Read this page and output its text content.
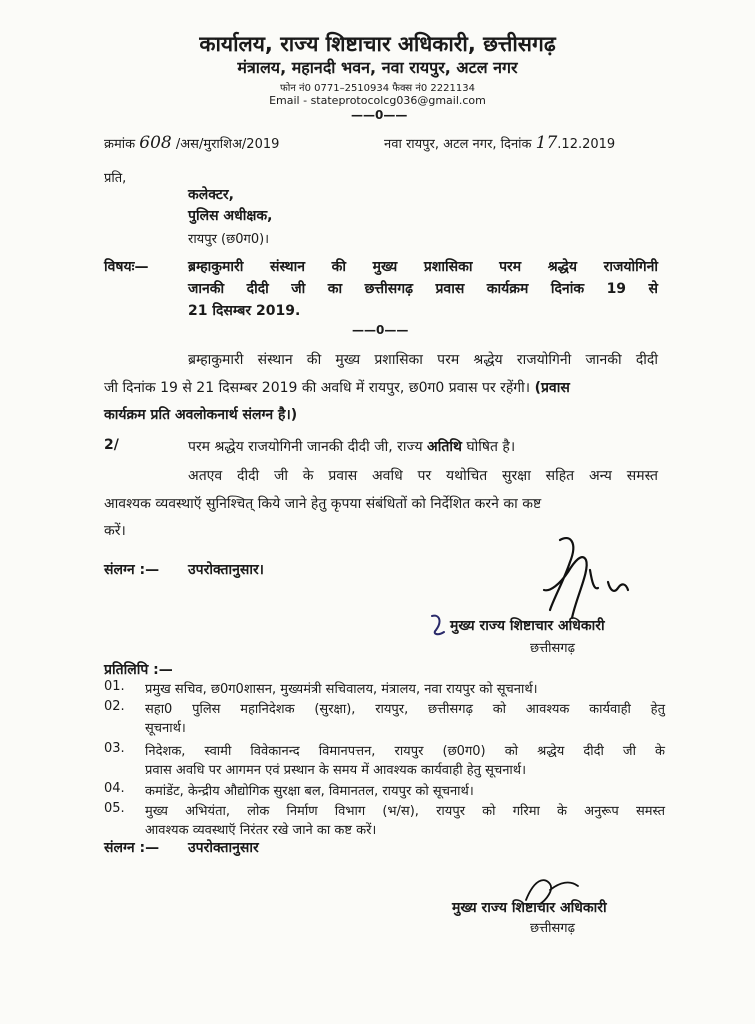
कार्यालय, राज्य शिष्टाचार अधिकारी, छत्तीसगढ़
मंत्रालय, महानदी भवन, नवा रायपुर, अटल नगर
फोन नं0 0771–2510934 फैक्स नं0 2221134
Email - stateprotocolcg036@gmail.com
——0——
क्रमांक 608 /अस/मुराशिअ/2019	नवा रायपुर, अटल नगर, दिनांक 17.12.2019
प्रति,
कलेक्टर,
पुलिस अधीक्षक,
रायपुर (छ0ग0)।
विषयः—	ब्रम्हाकुमारी संस्थान की मुख्य प्रशासिका परम श्रद्धेय राजयोगिनी
जानकी दीदी जी का छत्तीसगढ़ प्रवास कार्यक्रम दिनांक 19 से
21 दिसम्बर 2019.
——0——
ब्रम्हाकुमारी संस्थान की मुख्य प्रशासिका परम श्रद्धेय राजयोगिनी जानकी दीदी
जी दिनांक 19 से 21 दिसम्बर 2019 की अवधि में रायपुर, छ0ग0 प्रवास पर रहेंगी। (प्रवास
कार्यक्रम प्रति अवलोकनार्थ संलग्न है।)
2/	परम श्रद्धेय राजयोगिनी जानकी दीदी जी, राज्य अतिथि घोषित है।
अतएव दीदी जी के प्रवास अवधि पर यथोचित सुरक्षा सहित अन्य समस्त
आवश्यक व्यवस्थाऍ सुनिश्चित् किये जाने हेतु कृपया संबंधितों को निर्देशित करने का कष्ट
करें।
संलग्न :— उपरोक्तानुसार।
मुख्य राज्य शिष्टाचार अधिकारी
छत्तीसगढ़
प्रतिलिपि :—
01. प्रमुख सचिव, छ0ग0शासन, मुख्यमंत्री सचिवालय, मंत्रालय, नवा रायपुर को सूचनार्थ।
02. सहा0 पुलिस महानिदेशक (सुरक्षा), रायपुर, छत्तीसगढ़ को आवश्यक कार्यवाही हेतु
सूचनार्थ।
03. निदेशक, स्वामी विवेकानन्द विमानपत्तन, रायपुर (छ0ग0) को श्रद्धेय दीदी जी के
प्रवास अवधि पर आगमन एवं प्रस्थान के समय में आवश्यक कार्यवाही हेतु सूचनार्थ।
04. कमांडेंट, केन्द्रीय औद्योगिक सुरक्षा बल, विमानतल, रायपुर को सूचनार्थ।
05. मुख्य अभियंता, लोक निर्माण विभाग (भ/स), रायपुर को गरिमा के अनुरूप समस्त
आवश्यक व्यवस्थाऍ निरंतर रखे जाने का कष्ट करें।
संलग्न :— उपरोक्तानुसार
मुख्य राज्य शिष्टाचार अधिकारी
छत्तीसगढ़
